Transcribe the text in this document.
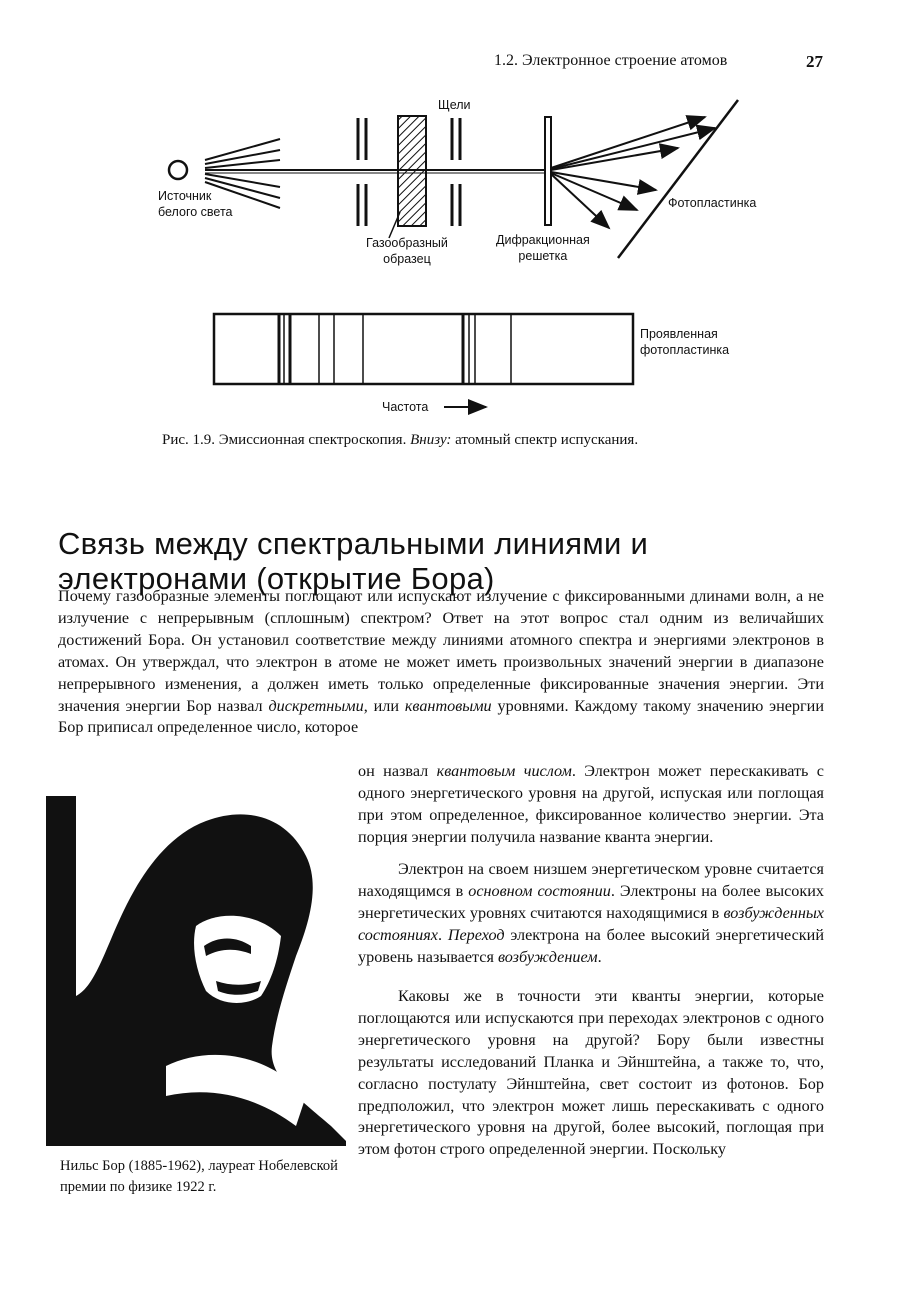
1.2. Электронное строение атомов	27
Щели
Источник
белого света
Газообразный
образец
Дифракционная
решетка
Фотопластинка
Проявленная
фотопластинка
Частота
Рис. 1.9. Эмиссионная спектроскопия. Внизу: атомный спектр испускания.
Связь между спектральными линиями и электронами (открытие Бора)

Почему газообразные элементы поглощают или испускают излучение с фиксированными длинами волн, а не излучение с непрерывным (сплошным) спектром? Ответ на этот вопрос стал одним из величайших достижений Бора. Он установил соответствие между линиями атомного спектра и энергиями электронов в атомах. Он утверждал, что электрон в атоме не может иметь произвольных значений энергии в диапазоне непрерывного изменения, а должен иметь только определенные фиксированные значения энергии. Эти значения энергии Бор назвал дискретными, или квантовыми уровнями. Каждому такому значению энергии Бор приписал определенное число, которое

он назвал квантовым числом. Электрон может перескакивать с одного энергетического уровня на другой, испуская или поглощая при этом определенное, фиксированное количество энергии. Эта порция энергии получила название кванта энергии.

Электрон на своем низшем энергетическом уровне считается находящимся в основном состоянии. Электроны на более высоких энергетических уровнях считаются находящимися в возбужденных состояниях. Переход электрона на более высокий энергетический уровень называется возбуждением.

Каковы же в точности эти кванты энергии, которые поглощаются или испускаются при переходах электронов с одного энергетического уровня на другой? Бору были известны результаты исследований Планка и Эйнштейна, а также то, что, согласно постулату Эйнштейна, свет состоит из фотонов. Бор предположил, что электрон может лишь перескакивать с одного энергетического уровня на другой, более высокий, поглощая при этом фотон строго определенной энергии. Поскольку

Нильс Бор (1885-1962), лауреат Нобелевской премии по физике 1922 г.
